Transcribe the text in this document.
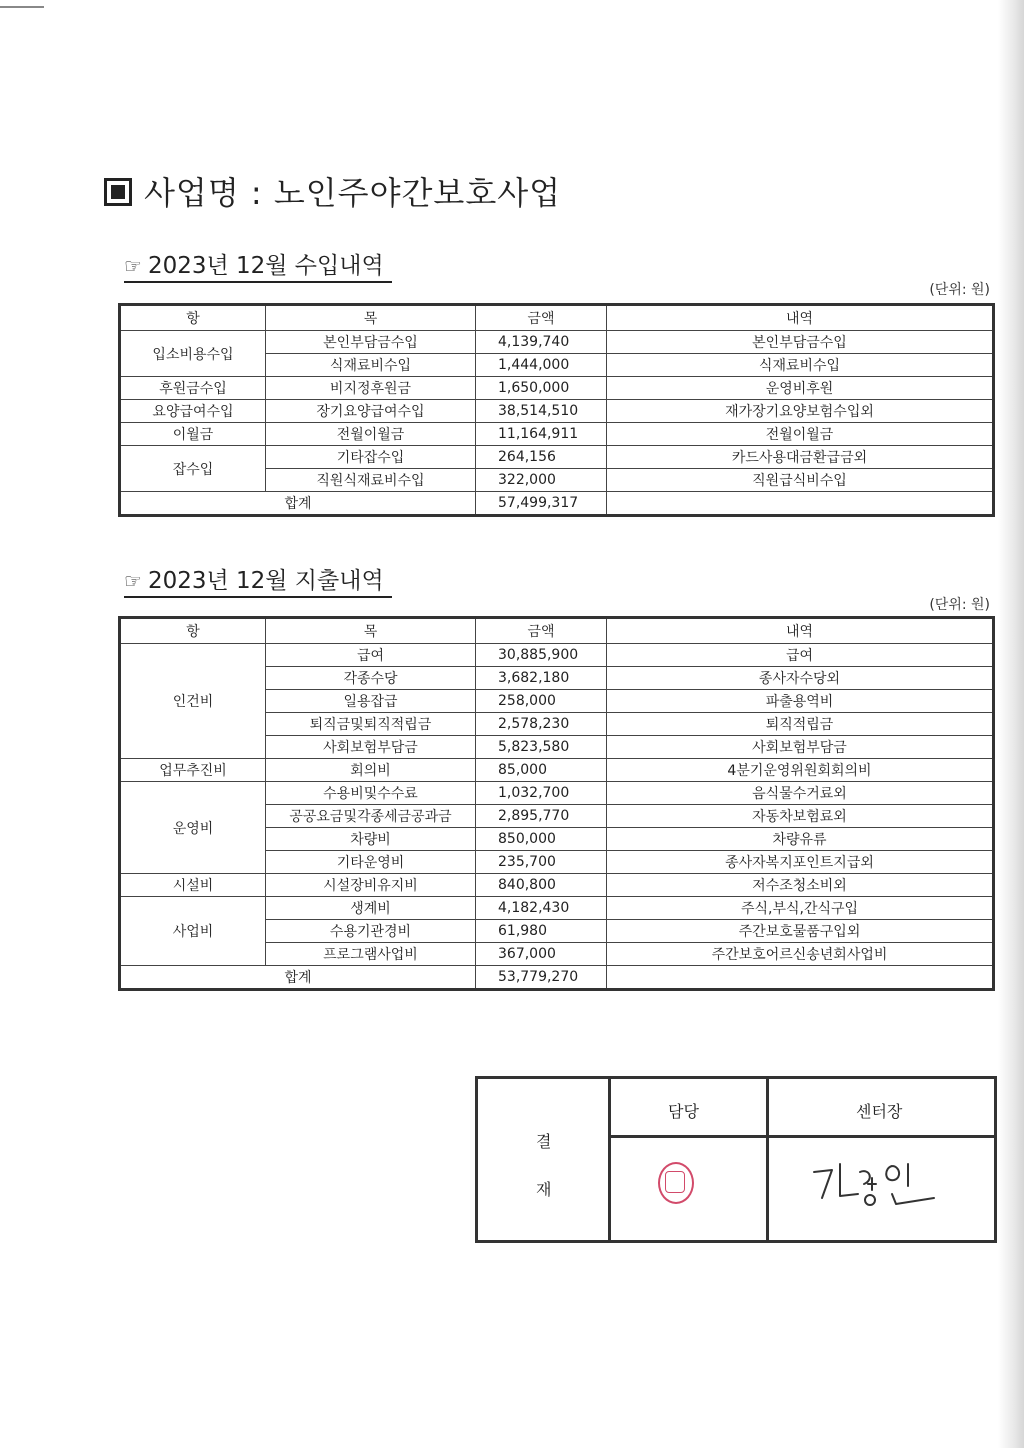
사업명 : 노인주야간보호사업
☞ 2023년 12월 수입내역
(단위: 원)
항	목	금액	내역
입소비용수입	본인부담금수입	4,139,740	본인부담금수입
	식재료비수입	1,444,000	식재료비수입
후원금수입	비지정후원금	1,650,000	운영비후원
요양급여수입	장기요양급여수입	38,514,510	재가장기요양보험수입외
이월금	전월이월금	11,164,911	전월이월금
잡수입	기타잡수입	264,156	카드사용대금환급금외
	직원식재료비수입	322,000	직원급식비수입
합계		57,499,317	
☞ 2023년 12월 지출내역
(단위: 원)
항	목	금액	내역
인건비	급여	30,885,900	급여
	각종수당	3,682,180	종사자수당외
	일용잡급	258,000	파출용역비
	퇴직금및퇴직적립금	2,578,230	퇴직적립금
	사회보험부담금	5,823,580	사회보험부담금
업무추진비	회의비	85,000	4분기운영위원회회의비
운영비	수용비및수수료	1,032,700	음식물수거료외
	공공요금및각종세금공과금	2,895,770	자동차보험료외
	차량비	850,000	차량유류
	기타운영비	235,700	종사자복지포인트지급외
시설비	시설장비유지비	840,800	저수조청소비외
사업비	생계비	4,182,430	주식,부식,간식구입
	수용기관경비	61,980	주간보호물품구입외
	프로그램사업비	367,000	주간보호어르신송년회사업비
합계		53,779,270	
결
재
담당	센터장
